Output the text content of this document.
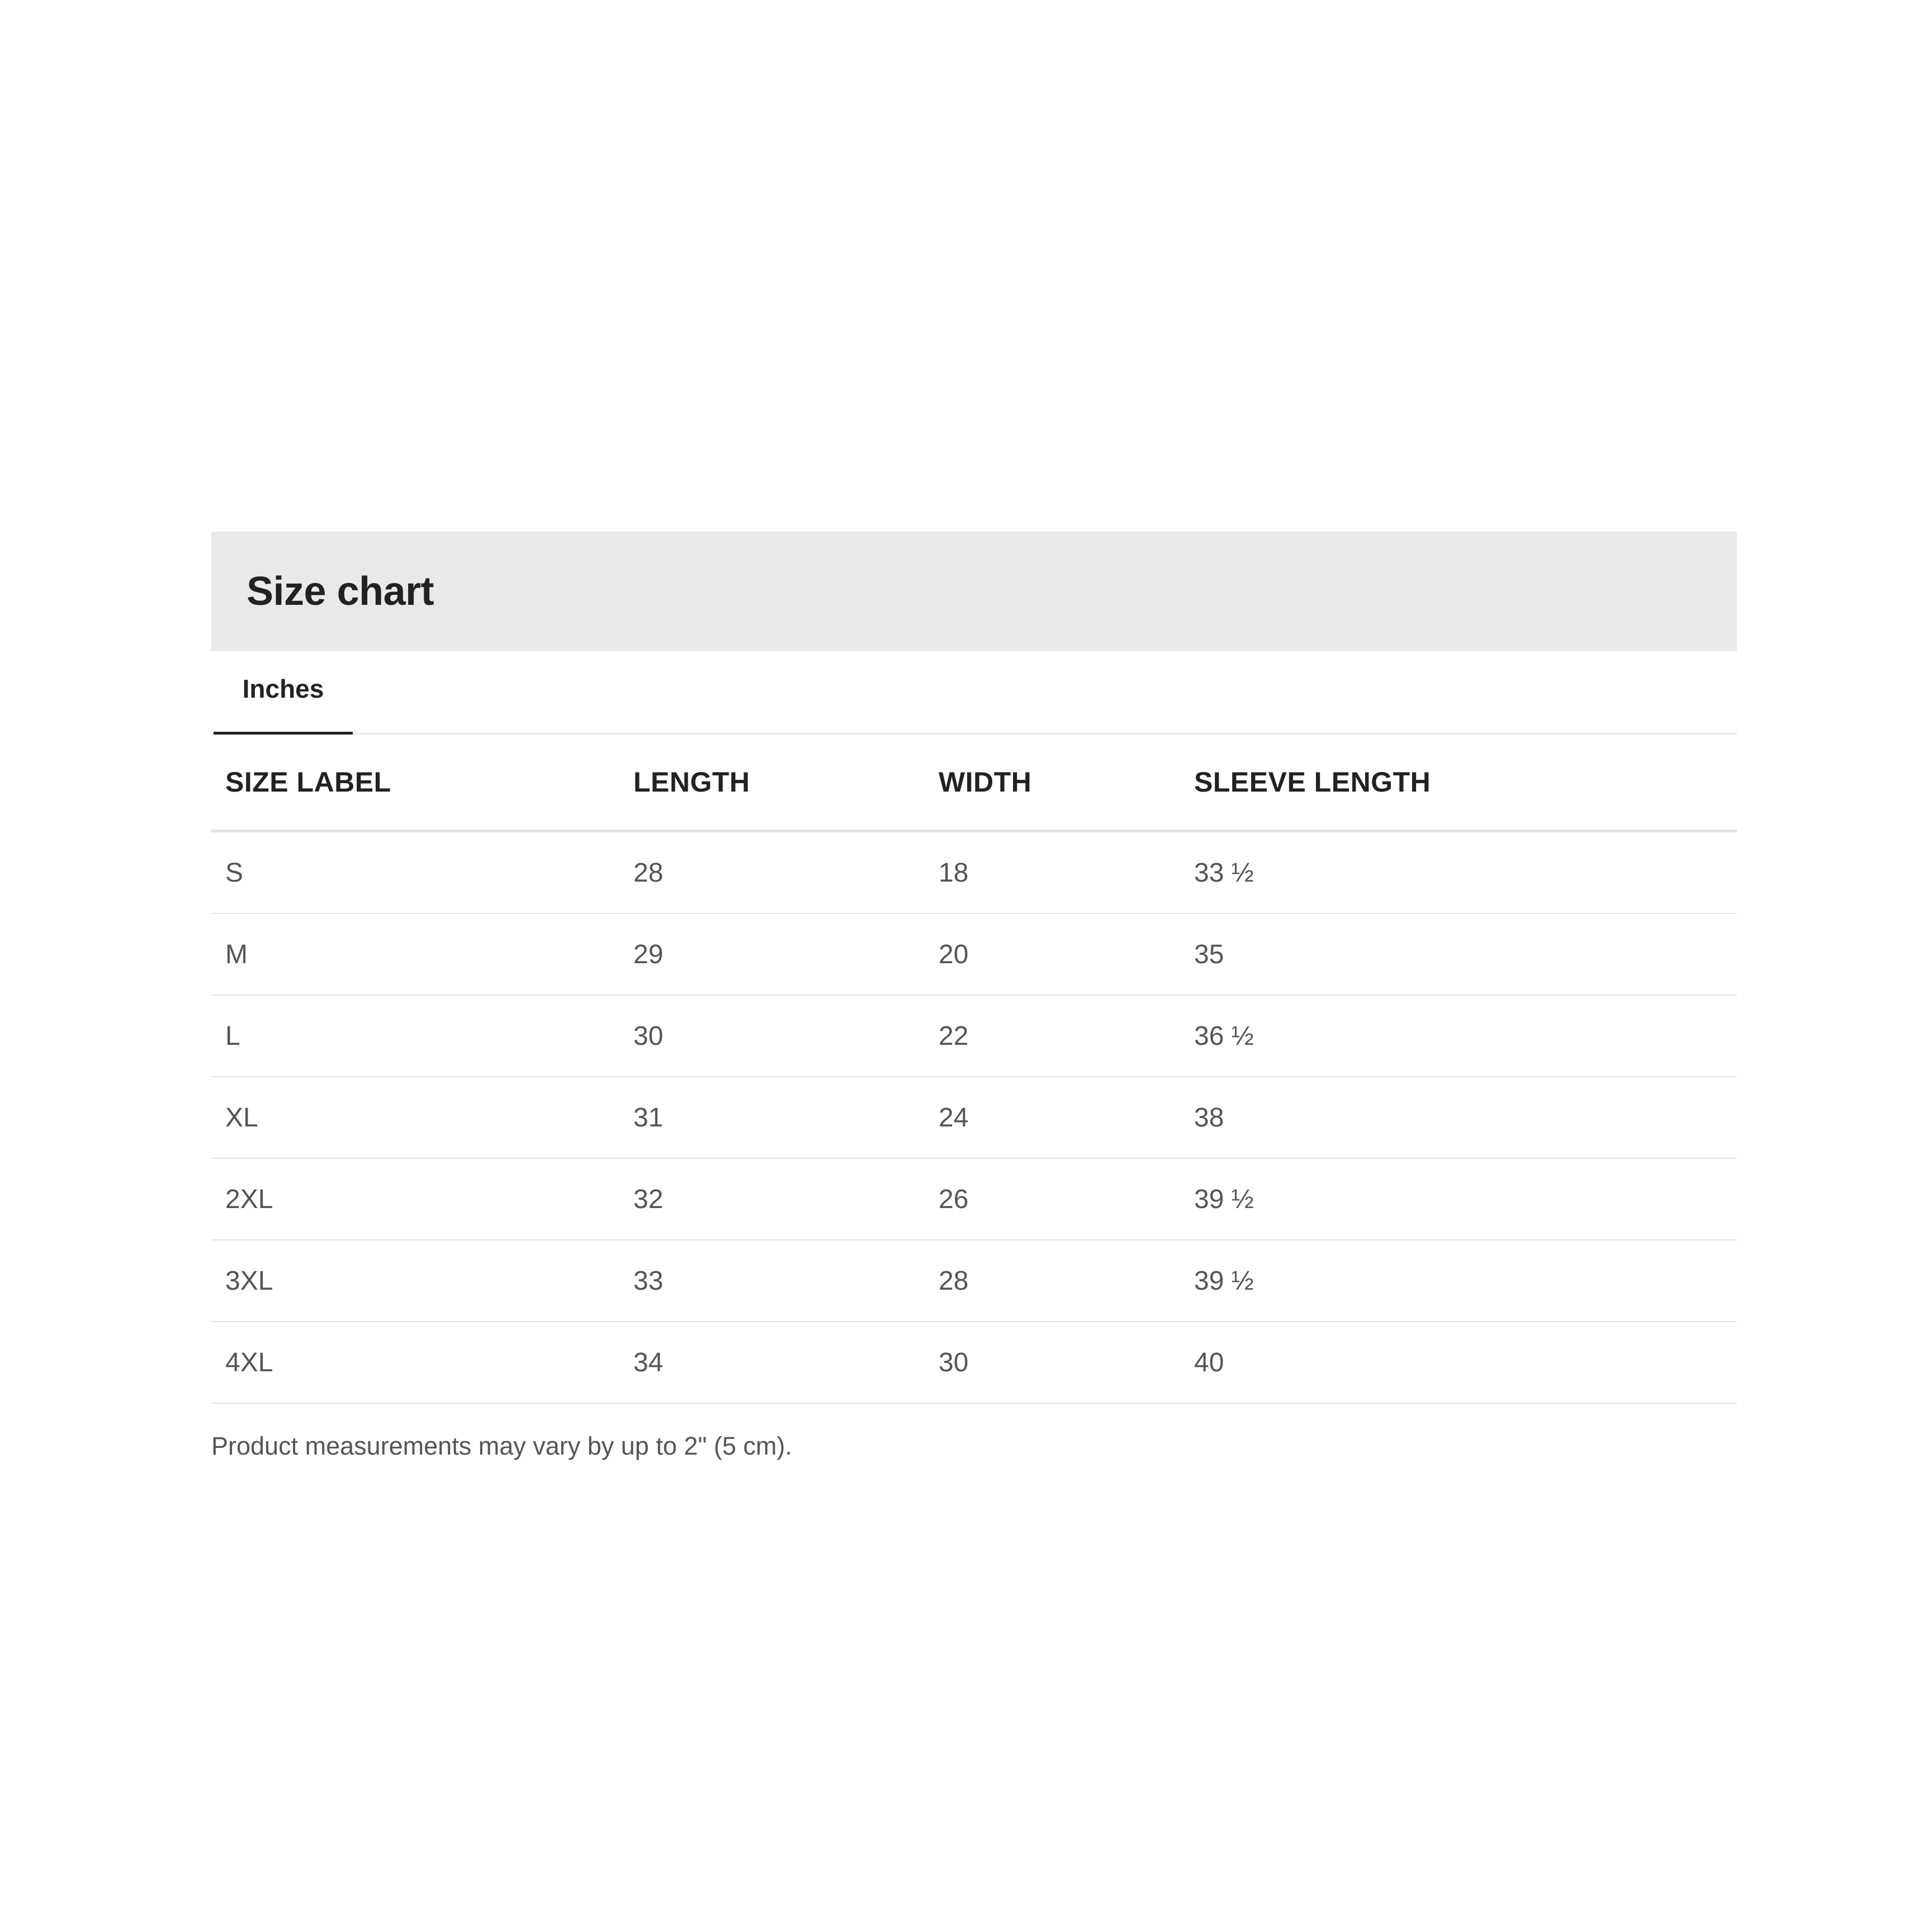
Size chart
Inches
SIZE LABEL	LENGTH	WIDTH	SLEEVE LENGTH
S	28	18	33 ½
M	29	20	35
L	30	22	36 ½
XL	31	24	38
2XL	32	26	39 ½
3XL	33	28	39 ½
4XL	34	30	40
Product measurements may vary by up to 2" (5 cm).
